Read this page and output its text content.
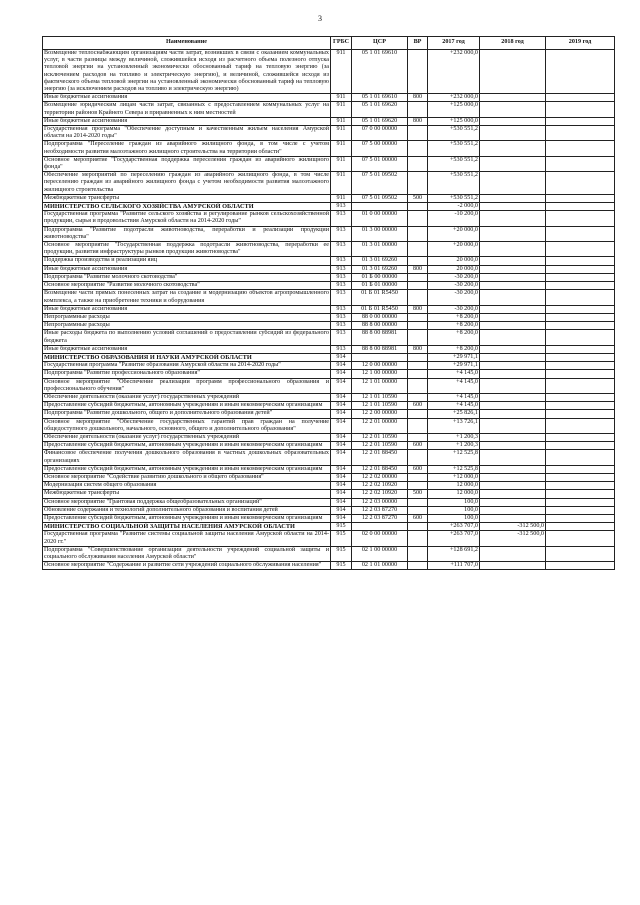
3
Наименование	ГРБС	ЦСР	ВР	2017 год	2018 год	2019 год
Возмещение теплоснабжающим организациям части затрат, возникших в связи с оказанием коммунальных услуг, в части разницы между величиной, сложившейся исходя из расчетного объема полезного отпуска тепловой энергии на установленный экономически обоснованный тариф на тепловую энергию (за исключением расходов на топливо и электрическую энергию), и величиной, сложившейся исходя из фактического объема тепловой энергии на установленный экономически обоснованный тариф на тепловую энергию (за исключением расходов на топливо и электрическую энергию)	911	05 1 01 69610		+232 000,0		
Иные бюджетные ассигнования	911	05 1 01 69610	800	+232 000,0		
Возмещение юридическим лицам части затрат, связанных с предоставлением коммунальных услуг на территории районов Крайнего Севера и приравненных к ним местностей	911	05 1 01 69620		+125 000,0		
Иные бюджетные ассигнования	911	05 1 01 69620	800	+125 000,0		
Государственная программа "Обеспечение доступным и качественным жильем населения Амурской области на 2014-2020 годы"	911	07 0 00 00000		+530 551,2		
Подпрограмма "Переселение граждан из аварийного жилищного фонда, в том числе с учетом необходимости развития малоэтажного жилищного строительства на территории области"	911	07 5 00 00000		+530 551,2		
Основное мероприятие "Государственная поддержка переселения граждан из аварийного жилищного фонда"	911	07 5 01 00000		+530 551,2		
Обеспечение мероприятий по переселению граждан из аварийного жилищного фонда, в том числе переселению граждан из аварийного жилищного фонда с учетом необходимости развития малоэтажного жилищного строительства	911	07 5 01 09502		+530 551,2		
Межбюджетные трансферты	911	07 5 01 09502	500	+530 551,2		
МИНИСТЕРСТВО СЕЛЬСКОГО ХОЗЯЙСТВА АМУРСКОЙ ОБЛАСТИ	913			-2 000,0		
Государственная программа "Развитие сельского хозяйства и регулирование рынков сельскохозяйственной продукции, сырья и продовольствия Амурской области на 2014-2020 годы"	913	01 0 00 00000		-10 200,0		
Подпрограмма "Развитие подотрасли животноводства, переработки и реализации продукции животноводства"	913	01 3 00 00000		+20 000,0		
Основное мероприятие "Государственная поддержка подотрасли животноводства, переработки ее продукции, развития инфраструктуры рынков продукции животноводства"	913	01 3 01 00000		+20 000,0		
Поддержка производства и реализации яиц	913	01 3 01 69260		20 000,0		
Иные бюджетные ассигнования	913	01 3 01 69260	800	20 000,0		
Подпрограмма "Развитие молочного скотоводства"	913	01 Б 00 00000		-30 200,0		
Основное мероприятие "Развитие молочного скотоводства"	913	01 Б 01 00000		-30 200,0		
Возмещение части прямых понесенных затрат на создание и модернизацию объектов агропромышленного комплекса, а также на приобретение техники и оборудования	913	01 Б 01 R5450		-30 200,0		
Иные бюджетные ассигнования	913	01 Б 01 R5450	800	-30 200,0		
Непрограммные расходы	913	88 0 00 00000		+8 200,0		
Непрограммные расходы	913	88 8 00 00000		+8 200,0		
Иные расходы бюджета по выполнению условий соглашений о предоставлении субсидий из федерального бюджета	913	88 8 00 88981		+8 200,0		
Иные бюджетные ассигнования	913	88 8 00 88981	800	+8 200,0		
МИНИСТЕРСТВО ОБРАЗОВАНИЯ И НАУКИ АМУРСКОЙ ОБЛАСТИ	914			+29 971,1		
Государственная программа "Развитие образования Амурской области на 2014-2020 годы"	914	12 0 00 00000		+29 971,1		
Подпрограмма "Развитие профессионального образования"	914	12 1 00 00000		+4 145,0		
Основное мероприятие "Обеспечение реализации программ профессионального образования и профессионального обучения"	914	12 1 01 00000		+4 145,0		
Обеспечение деятельности (оказание услуг) государственных учреждений	914	12 1 01 10590		+4 145,0		
Предоставление субсидий бюджетным, автономным учреждениям и иным некоммерческим организациям	914	12 1 01 10590	600	+4 145,0		
Подпрограмма "Развитие дошкольного, общего и дополнительного образования детей"	914	12 2 00 00000		+25 826,1		
Основное мероприятие "Обеспечение государственных гарантий прав граждан на получение общедоступного дошкольного, начального, основного, общего и дополнительного образования"	914	12 2 01 00000		+13 726,1		
Обеспечение деятельности (оказание услуг) государственных учреждений	914	12 2 01 10590		+1 200,3		
Предоставление субсидий бюджетным, автономным учреждениям и иным некоммерческим организациям	914	12 2 01 10590	600	+1 200,3		
Финансовое обеспечение получения дошкольного образования в частных дошкольных образовательных организациях	914	12 2 01 88450		+12 525,8		
Предоставление субсидий бюджетным, автономным учреждениям и иным некоммерческим организациям	914	12 2 01 88450	600	+12 525,8		
Основное мероприятие "Содействие развитию дошкольного и общего образования"	914	12 2 02 00000		+12 000,0		
Модернизация систем общего образования	914	12 2 02 10920		12 000,0		
Межбюджетные трансферты	914	12 2 02 10920	500	12 000,0		
Основное мероприятие "Грантовая поддержка общеобразовательных организаций"	914	12 2 03 00000		100,0		
Обновление содержания и технологий дополнительного образования и воспитания детей	914	12 2 03 87270		100,0		
Предоставление субсидий бюджетным, автономным учреждениям и иным некоммерческим организациям	914	12 2 03 87270	600	100,0		
МИНИСТЕРСТВО СОЦИАЛЬНОЙ ЗАЩИТЫ НАСЕЛЕНИЯ АМУРСКОЙ ОБЛАСТИ	915			+263 707,0	-312 500,0	
Государственная программа "Развитие системы социальной защиты населения Амурской области на 2014-2020 гг."	915	02 0 00 00000		+263 707,0	-312 500,0	
Подпрограмма "Совершенствование организации деятельности учреждений социальной защиты и социального обслуживания населения Амурской области"	915	02 1 00 00000		+128 691,2		
Основное мероприятие "Содержание и развитие сети учреждений социального обслуживания населения"	915	02 1 01 00000		+111 707,0		
